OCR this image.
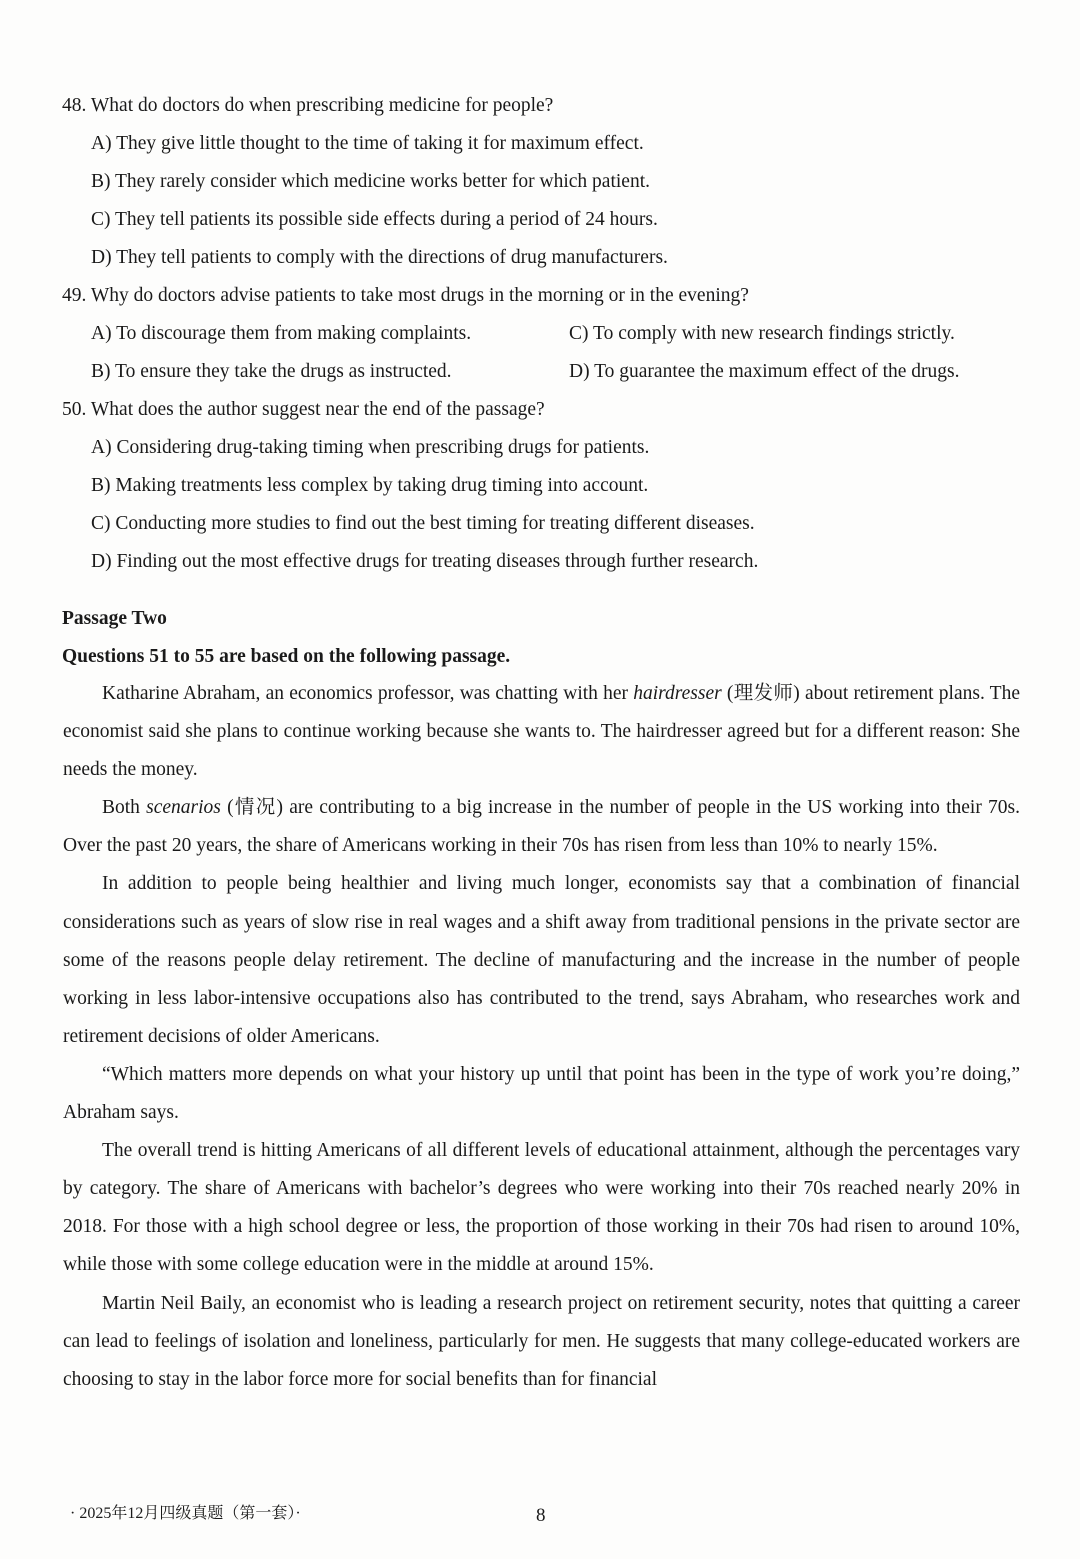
48. What do doctors do when prescribing medicine for people?
A) They give little thought to the time of taking it for maximum effect.
B) They rarely consider which medicine works better for which patient.
C) They tell patients its possible side effects during a period of 24 hours.
D) They tell patients to comply with the directions of drug manufacturers.
49. Why do doctors advise patients to take most drugs in the morning or in the evening?
A) To discourage them from making complaints.	C) To comply with new research findings strictly.
B) To ensure they take the drugs as instructed.	D) To guarantee the maximum effect of the drugs.
50. What does the author suggest near the end of the passage?
A) Considering drug-taking timing when prescribing drugs for patients.
B) Making treatments less complex by taking drug timing into account.
C) Conducting more studies to find out the best timing for treating different diseases.
D) Finding out the most effective drugs for treating diseases through further research.
Passage Two
Questions 51 to 55 are based on the following passage.

Katharine Abraham, an economics professor, was chatting with her hairdresser (理发师) about retirement plans. The economist said she plans to continue working because she wants to. The hairdresser agreed but for a different reason: She needs the money.

Both scenarios (情况) are contributing to a big increase in the number of people in the US working into their 70s. Over the past 20 years, the share of Americans working in their 70s has risen from less than 10% to nearly 15%.

In addition to people being healthier and living much longer, economists say that a combination of financial considerations such as years of slow rise in real wages and a shift away from traditional pensions in the private sector are some of the reasons people delay retirement. The decline of manufacturing and the increase in the number of people working in less labor-intensive occupations also has contributed to the trend, says Abraham, who researches work and retirement decisions of older Americans.

“Which matters more depends on what your history up until that point has been in the type of work you’re doing,” Abraham says.

The overall trend is hitting Americans of all different levels of educational attainment, although the percentages vary by category. The share of Americans with bachelor’s degrees who were working into their 70s reached nearly 20% in 2018. For those with a high school degree or less, the proportion of those working in their 70s had risen to around 10%, while those with some college education were in the middle at around 15%.

Martin Neil Baily, an economist who is leading a research project on retirement security, notes that quitting a career can lead to feelings of isolation and loneliness, particularly for men. He suggests that many college-educated workers are choosing to stay in the labor force more for social benefits than for financial

· 2025年12月四级真题（第一套）·	8
